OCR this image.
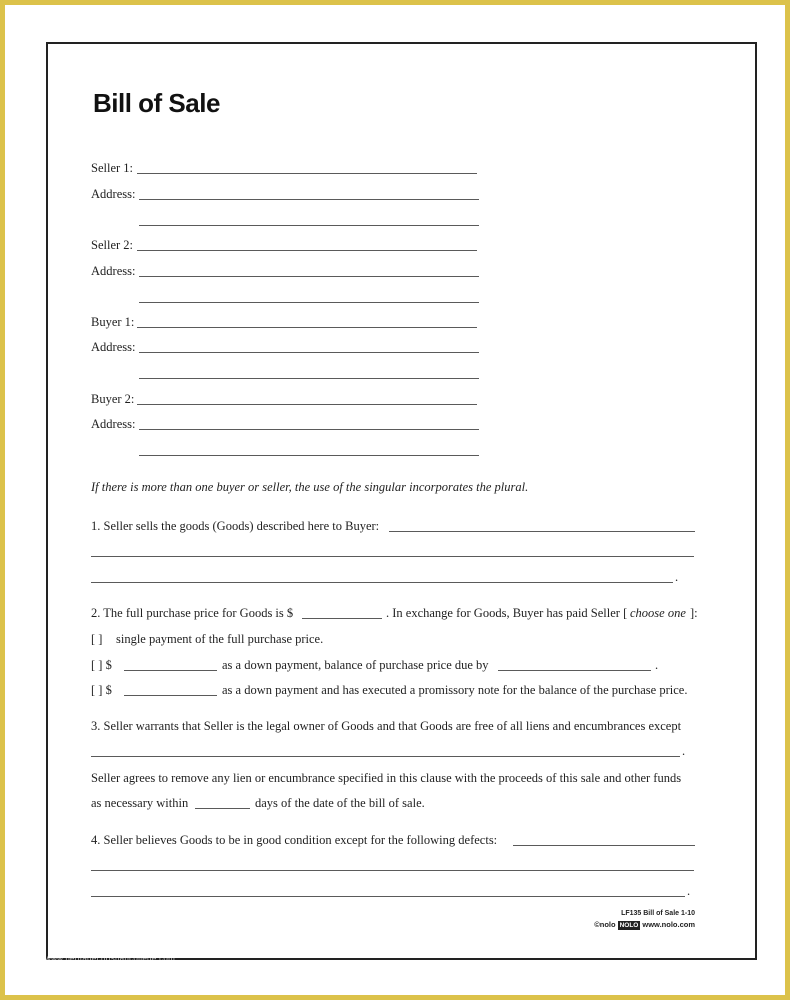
Bill of Sale
Seller 1:
Address:
Seller 2:
Address:
Buyer 1:
Address:
Buyer 2:
Address:
If there is more than one buyer or seller, the use of the singular incorporates the plural.
1. Seller sells the goods (Goods) described here to Buyer:
.
2. The full purchase price for Goods is $	. In exchange for Goods, Buyer has paid Seller [ choose one ]:
[ ] single payment of the full purchase price.
[ ] $	as a down payment, balance of purchase price due by	.
[ ] $	as a down payment and has executed a promissory note for the balance of the purchase price.
3. Seller warrants that Seller is the legal owner of Goods and that Goods are free of all liens and encumbrances except
.
Seller agrees to remove any lien or encumbrance specified in this clause with the proceeds of this sale and other funds
as necessary within	days of the date of the bill of sale.
4. Seller believes Goods to be in good condition except for the following defects:
.
LF135 Bill of Sale 1-10
©nolo NOLO www.nolo.com
www.heritagechristiancollege.com
